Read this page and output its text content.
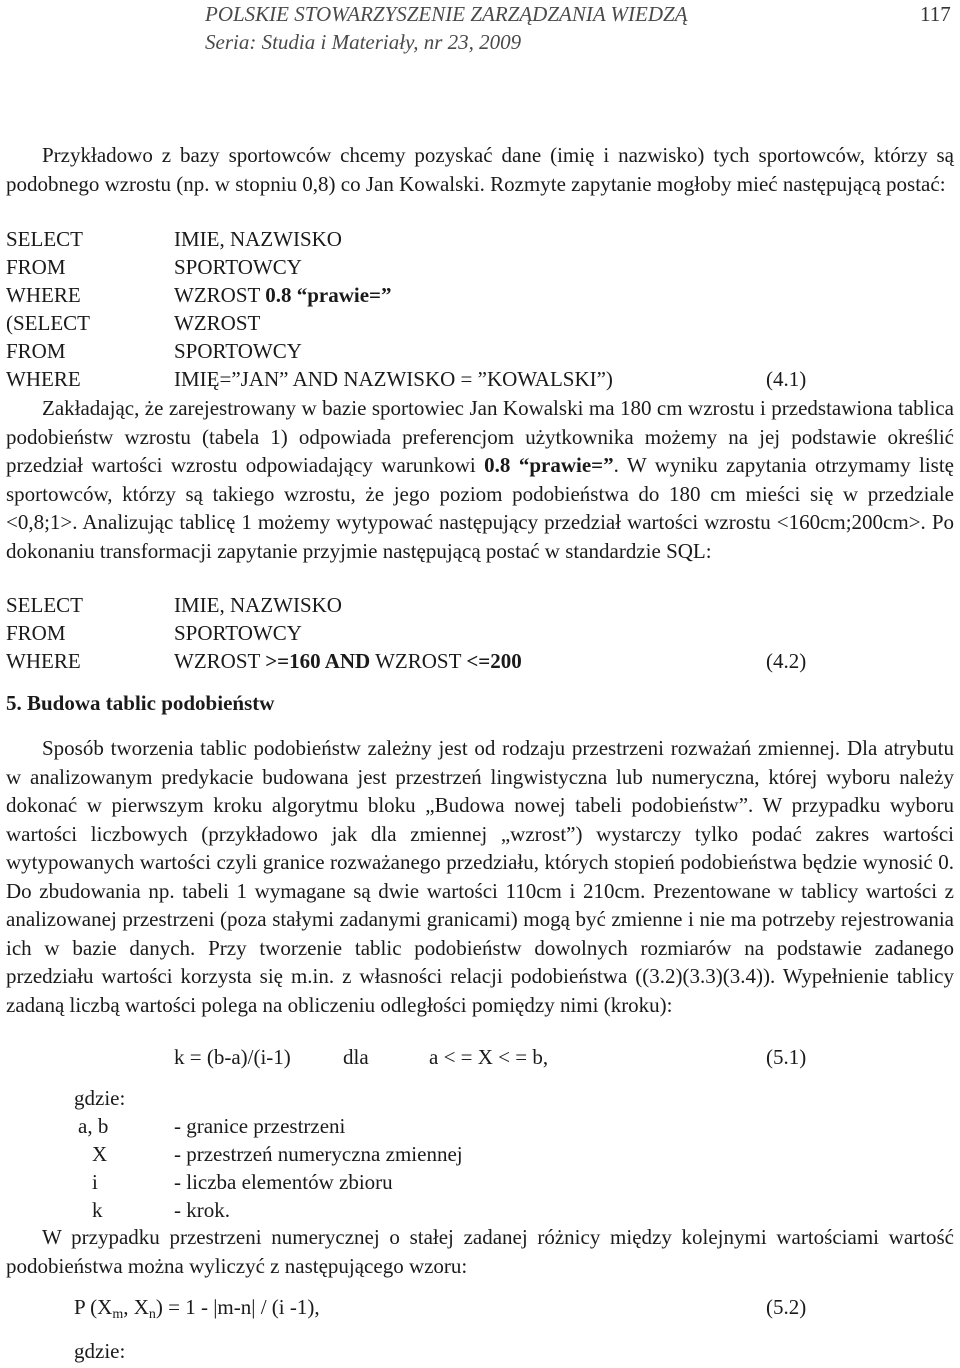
POLSKIE STOWARZYSZENIE ZARZĄDZANIA WIEDZĄ
Seria: Studia i Materiały, nr 23, 2009
117

Przykładowo z bazy sportowców chcemy pozyskać dane (imię i nazwisko) tych sportowców, którzy są podobnego wzrostu (np. w stopniu 0,8) co Jan Kowalski. Rozmyte zapytanie mogłoby mieć następującą postać:

SELECT	IMIE, NAZWISKO
FROM	SPORTOWCY
WHERE	WZROST 0.8 “prawie=”
(SELECT	WZROST
FROM	SPORTOWCY
WHERE	IMIĘ=”JAN” AND NAZWISKO = ”KOWALSKI”)	(4.1)

Zakładając, że zarejestrowany w bazie sportowiec Jan Kowalski ma 180 cm wzrostu i przedstawiona tablica podobieństw wzrostu (tabela 1) odpowiada preferencjom użytkownika możemy na jej podstawie określić przedział wartości wzrostu odpowiadający warunkowi 0.8 “prawie=”. W wyniku zapytania otrzymamy listę sportowców, którzy są takiego wzrostu, że jego poziom podobieństwa do 180 cm mieści się w przedziale <0,8;1>. Analizując tablicę 1 możemy wytypować następujący przedział wartości wzrostu <160cm;200cm>. Po dokonaniu transformacji zapytanie przyjmie następującą postać w standardzie SQL:

SELECT	IMIE, NAZWISKO
FROM	SPORTOWCY
WHERE	WZROST >=160 AND WZROST <=200	(4.2)
5. Budowa tablic podobieństw

Sposób tworzenia tablic podobieństw zależny jest od rodzaju przestrzeni rozważań zmiennej. Dla atrybutu w analizowanym predykacie budowana jest przestrzeń lingwistyczna lub numeryczna, której wyboru należy dokonać w pierwszym kroku algorytmu bloku „Budowa nowej tabeli podobieństw”. W przypadku wyboru wartości liczbowych (przykładowo jak dla zmiennej „wzrost”) wystarczy tylko podać zakres wartości wytypowanych wartości czyli granice rozważanego przedziału, których stopień podobieństwa będzie wynosić 0. Do zbudowania np. tabeli 1 wymagane są dwie wartości 110cm i 210cm. Prezentowane w tablicy wartości z analizowanej przestrzeni (poza stałymi zadanymi granicami) mogą być zmienne i nie ma potrzeby rejestrowania ich w bazie danych. Przy tworzenie tablic podobieństw dowolnych rozmiarów na podstawie zadanego przedziału wartości korzysta się m.in. z własności relacji podobieństwa ((3.2)(3.3)(3.4)). Wypełnienie tablicy zadaną liczbą wartości polega na obliczeniu odległości pomiędzy nimi (kroku):

k = (b-a)/(i-1) dla	a < = X < = b,	(5.1)
gdzie:
a, b	- granice przestrzeni
X	- przestrzeń numeryczna zmiennej
i	- liczba elementów zbioru
k	- krok.

W przypadku przestrzeni numerycznej o stałej zadanej różnicy między kolejnymi wartościami wartość podobieństwa można wyliczyć z następującego wzoru:

P ($X_m$, $X_n) = 1 - |m-n| / (i$ -1),	(5.2)
gdzie:
